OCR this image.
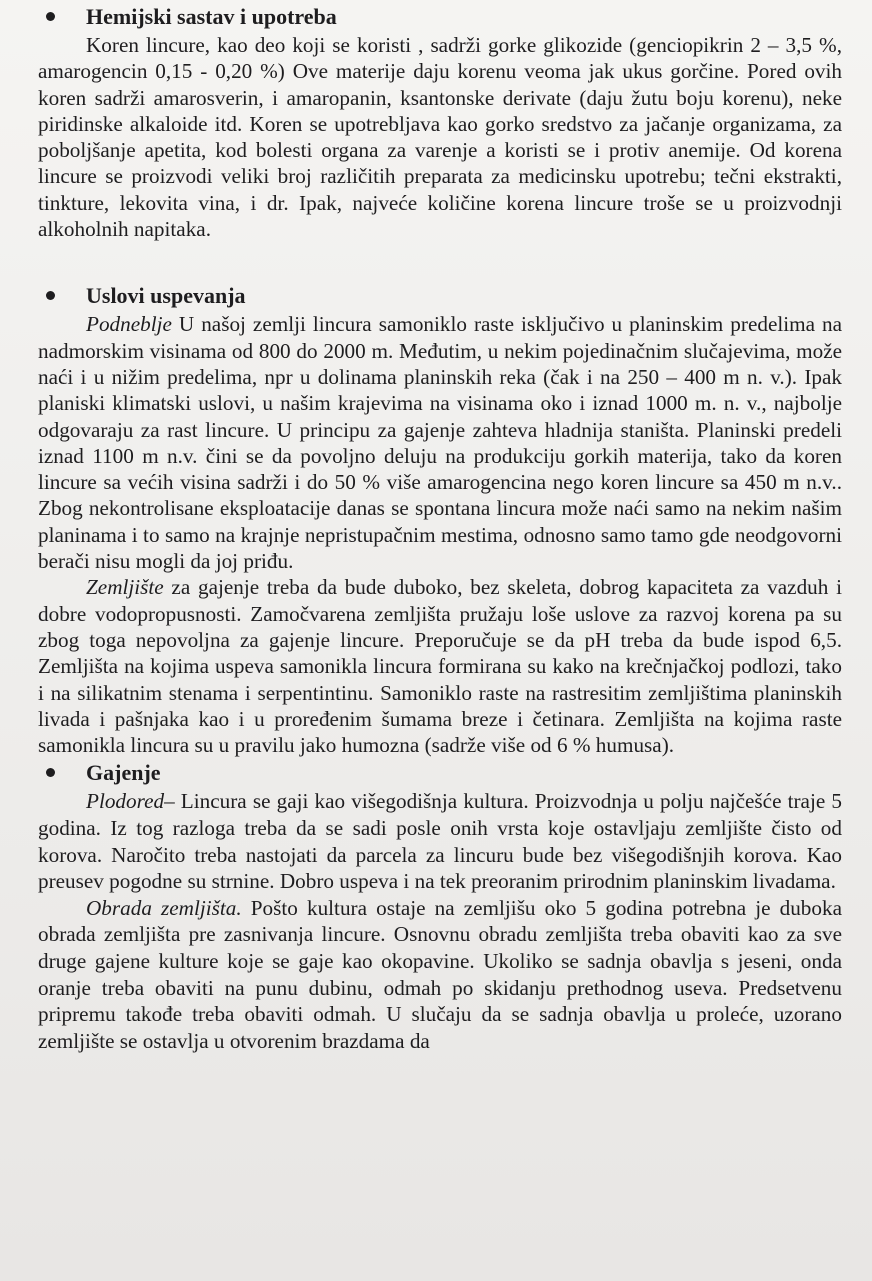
Hemijski sastav i upotreba

Koren lincure, kao deo koji se koristi , sadrži gorke glikozide (genciopikrin 2 – 3,5 %, amarogencin 0,15 - 0,20 %) Ove materije daju korenu veoma jak ukus gorčine. Pored ovih koren sadrži amarosverin, i amaropanin, ksantonske derivate (daju žutu boju korenu), neke piridinske alkaloide itd. Koren se upotrebljava kao gorko sredstvo za jačanje organizama, za poboljšanje apetita, kod bolesti organa za varenje a koristi se i protiv anemije. Od korena lincure se proizvodi veliki broj različitih preparata za medicinsku upotrebu; tečni ekstrakti, tinkture, lekovita vina, i dr. Ipak, najveće količine korena lincure troše se u proizvodnji alkoholnih napitaka.

Uslovi uspevanja

Podneblje U našoj zemlji lincura samoniklo raste isključivo u planinskim predelima na nadmorskim visinama od 800 do 2000 m. Međutim, u nekim pojedinačnim slučajevima, može naći i u nižim predelima, npr u dolinama planinskih reka (čak i na 250 – 400 m n. v.). Ipak planiski klimatski uslovi, u našim krajevima na visinama oko i iznad 1000 m. n. v., najbolje odgovaraju za rast lincure. U principu za gajenje zahteva hladnija staništa. Planinski predeli iznad 1100 m n.v. čini se da povoljno deluju na produkciju gorkih materija, tako da koren lincure sa većih visina sadrži i do 50 % više amarogencina nego koren lincure sa 450 m n.v.. Zbog nekontrolisane eksploatacije danas se spontana lincura može naći samo na nekim našim planinama i to samo na krajnje nepristupačnim mestima, odnosno samo tamo gde neodgovorni berači nisu mogli da joj priđu.

Zemljište za gajenje treba da bude duboko, bez skeleta, dobrog kapaciteta za vazduh i dobre vodopropusnosti. Zamočvarena zemljišta pružaju loše uslove za razvoj korena pa su zbog toga nepovoljna za gajenje lincure. Preporučuje se da pH treba da bude ispod 6,5. Zemljišta na kojima uspeva samonikla lincura formirana su kako na krečnjačkoj podlozi, tako i na silikatnim stenama i serpentintinu. Samoniklo raste na rastresitim zemljištima planinskih livada i pašnjaka kao i u proređenim šumama breze i četinara. Zemljišta na kojima raste samonikla lincura su u pravilu jako humozna (sadrže više od 6 % humusa).

Gajenje

Plodored– Lincura se gaji kao višegodišnja kultura. Proizvodnja u polju najčešće traje 5 godina. Iz tog razloga treba da se sadi posle onih vrsta koje ostavljaju zemljište čisto od korova. Naročito treba nastojati da parcela za lincuru bude bez višegodišnjih korova. Kao preusev pogodne su strnine. Dobro uspeva i na tek preoranim prirodnim planinskim livadama.

Obrada zemljišta. Pošto kultura ostaje na zemljišu oko 5 godina potrebna je duboka obrada zemljišta pre zasnivanja lincure. Osnovnu obradu zemljišta treba obaviti kao za sve druge gajene kulture koje se gaje kao okopavine. Ukoliko se sadnja obavlja s jeseni, onda oranje treba obaviti na punu dubinu, odmah po skidanju prethodnog useva. Predsetvenu pripremu takođe treba obaviti odmah. U slučaju da se sadnja obavlja u proleće, uzorano zemljište se ostavlja u otvorenim brazdama da
